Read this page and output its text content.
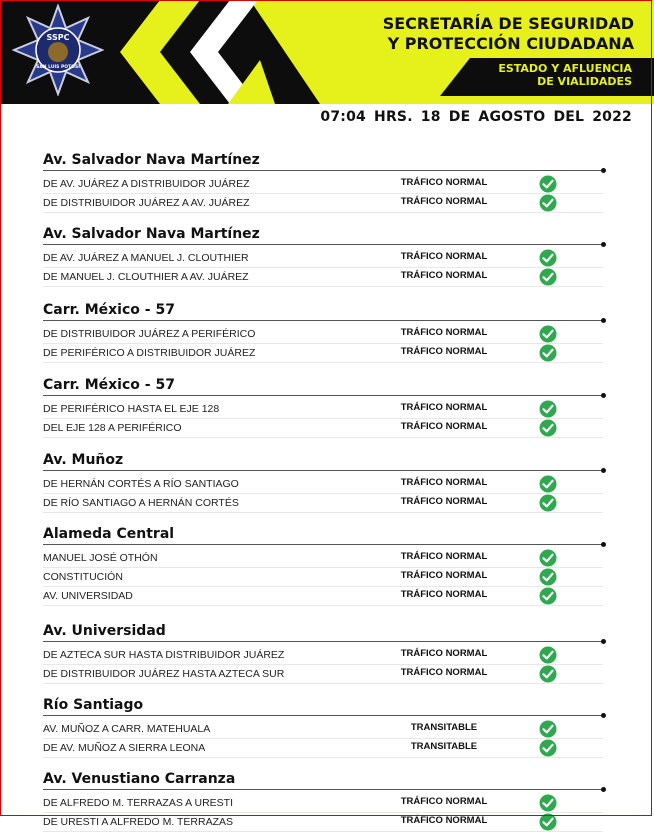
SSPC
SAN LUIS POTOSÍ
SECRETARÍA DE SEGURIDAD
Y PROTECCIÓN CIUDADANA
ESTADO Y AFLUENCIA
DE VIALIDADES
07:04 HRS. 18 DE AGOSTO DEL 2022
Av. Salvador Nava Martínez
DE AV. JUÁREZ A DISTRIBUIDOR JUÁREZ	TRÁFICO NORMAL
DE DISTRIBUIDOR JUÁREZ A AV. JUÁREZ	TRÁFICO NORMAL
Av. Salvador Nava Martínez
DE AV. JUÁREZ A MANUEL J. CLOUTHIER	TRÁFICO NORMAL
DE MANUEL J. CLOUTHIER A AV. JUÁREZ	TRÁFICO NORMAL
Carr. México - 57
DE DISTRIBUIDOR JUÁREZ A PERIFÉRICO	TRÁFICO NORMAL
DE PERIFÉRICO A DISTRIBUIDOR JUÁREZ	TRÁFICO NORMAL
Carr. México - 57
DE PERIFÉRICO HASTA EL EJE 128	TRÁFICO NORMAL
DEL EJE 128 A PERIFÉRICO	TRÁFICO NORMAL
Av. Muñoz
DE HERNÁN CORTÉS A RÍO SANTIAGO	TRÁFICO NORMAL
DE RÍO SANTIAGO A HERNÁN CORTÉS	TRÁFICO NORMAL
Alameda Central
MANUEL JOSÉ OTHÓN	TRÁFICO NORMAL
CONSTITUCIÓN	TRÁFICO NORMAL
AV. UNIVERSIDAD	TRÁFICO NORMAL
Av. Universidad
DE AZTECA SUR HASTA DISTRIBUIDOR JUÁREZ	TRÁFICO NORMAL
DE DISTRIBUIDOR JUÁREZ HASTA AZTECA SUR	TRÁFICO NORMAL
Río Santiago
AV. MUÑOZ A CARR. MATEHUALA	TRANSITABLE
DE AV. MUÑOZ A SIERRA LEONA	TRANSITABLE
Av. Venustiano Carranza
DE ALFREDO M. TERRAZAS A URESTI	TRÁFICO NORMAL
DE URESTI A ALFREDO M. TERRAZAS	TRÁFICO NORMAL
